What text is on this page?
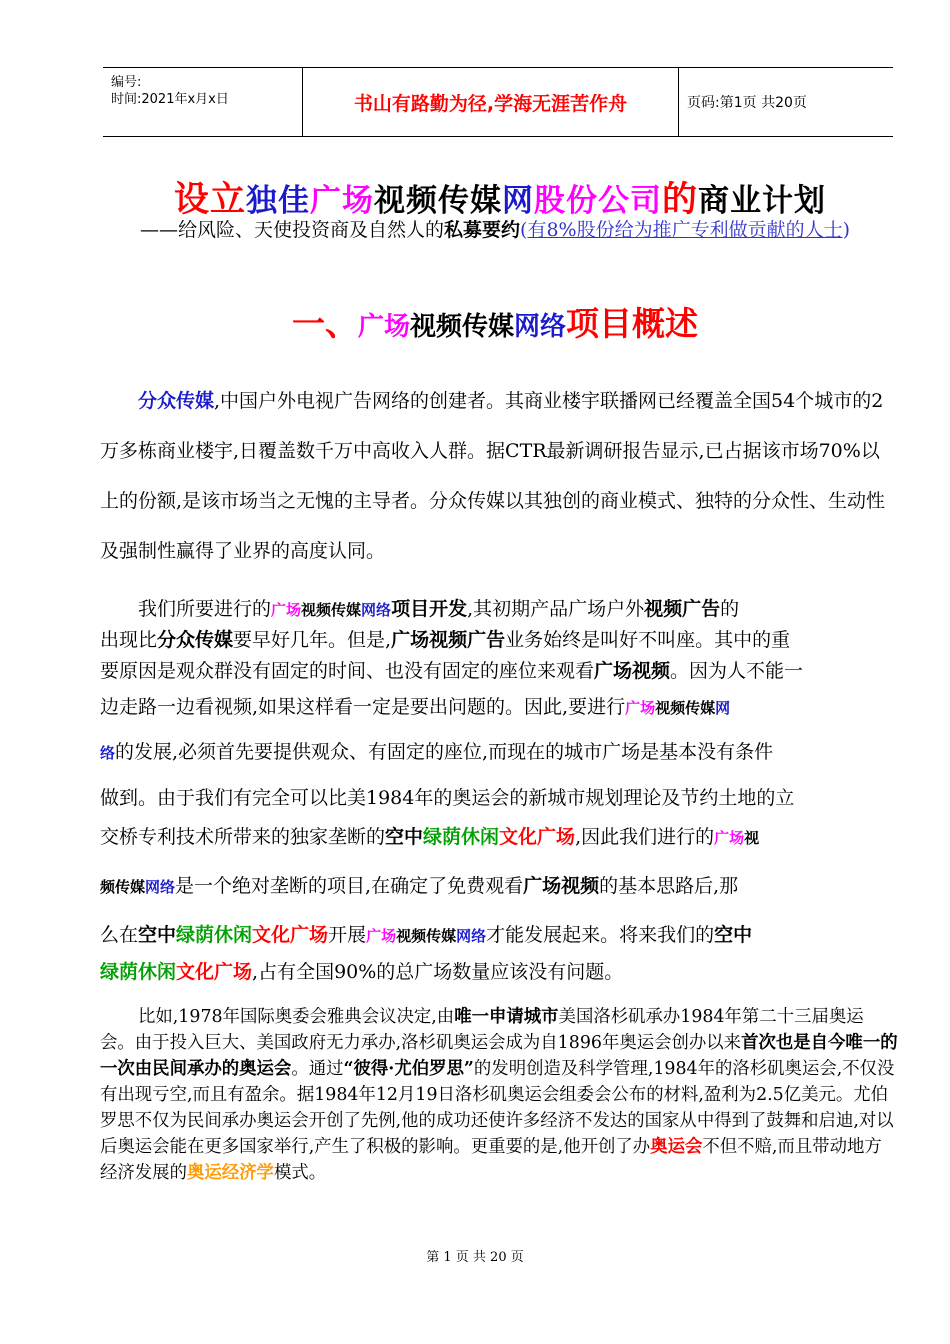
编号:
时间:2021年x月x日	书山有路勤为径,学海无涯苦作舟	页码:第1页 共20页
设立独佳广场视频传媒网股份公司的商业计划
——给风险、天使投资商及自然人的私募要约(有8%股份给为推广专利做贡献的人士)
一、广场视频传媒网络项目概述
分众传媒,中国户外电视广告网络的创建者。其商业楼宇联播网已经覆盖全国54个城市的2万多栋商业楼宇,日覆盖数千万中高收入人群。据CTR最新调研报告显示,已占据该市场70%以上的份额,是该市场当之无愧的主导者。分众传媒以其独创的商业模式、独特的分众性、生动性及强制性赢得了业界的高度认同。
我们所要进行的广场视频传媒网络项目开发,其初期产品广场户外视频广告的
出现比分众传媒要早好几年。但是,广场视频广告业务始终是叫好不叫座。其中的重
要原因是观众群没有固定的时间、也没有固定的座位来观看广场视频。因为人不能一
边走路一边看视频,如果这样看一定是要出问题的。因此,要进行广场视频传媒网
络的发展,必须首先要提供观众、有固定的座位,而现在的城市广场是基本没有条件
做到。由于我们有完全可以比美1984年的奥运会的新城市规划理论及节约土地的立
交桥专利技术所带来的独家垄断的空中绿荫休闲文化广场,因此我们进行的广场视
频传媒网络是一个绝对垄断的项目,在确定了免费观看广场视频的基本思路后,那
么在空中绿荫休闲文化广场开展广场视频传媒网络才能发展起来。将来我们的空中
绿荫休闲文化广场,占有全国90%的总广场数量应该没有问题。
比如,1978年国际奥委会雅典会议决定,由唯一申请城市美国洛杉矶承办1984年第二十三届奥运会。由于投入巨大、美国政府无力承办,洛杉矶奥运会成为自1896年奥运会创办以来首次也是自今唯一的一次由民间承办的奥运会。通过“彼得·尤伯罗思”的发明创造及科学管理,1984年的洛杉矶奥运会,不仅没有出现亏空,而且有盈余。据1984年12月19日洛杉矶奥运会组委会公布的材料,盈利为2.5亿美元。尤伯罗思不仅为民间承办奥运会开创了先例,他的成功还使许多经济不发达的国家从中得到了鼓舞和启迪,对以后奥运会能在更多国家举行,产生了积极的影响。更重要的是,他开创了办奥运会不但不赔,而且带动地方经济发展的奥运经济学模式。
第 1 页 共 20 页
